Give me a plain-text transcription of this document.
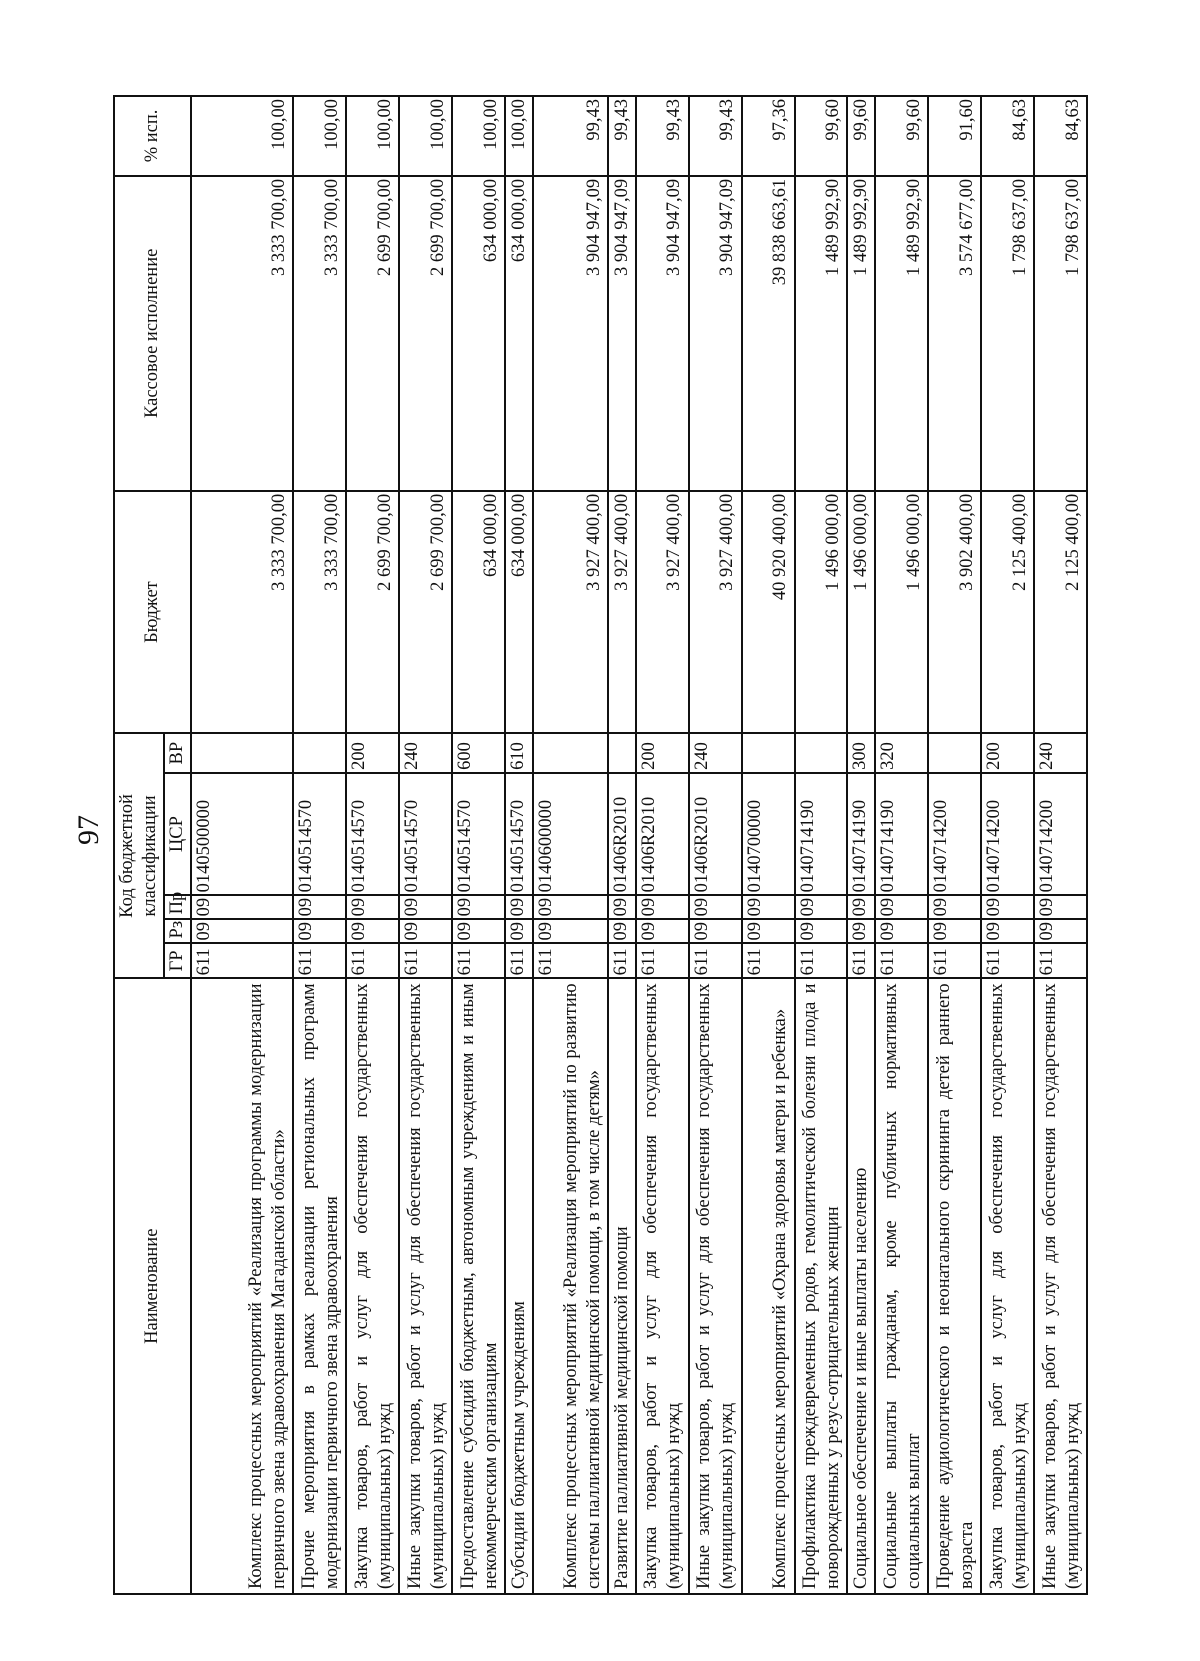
97
Наименование	Код бюджетной классификации					Бюджет	Кассовое исполнение	% исп.
	ГР	Рз	Пр	ЦСР	ВР			
Комплекс процессных мероприятий «Реализация программы модернизации первичного звена здравоохранения Магаданской области»	611	09	09	0140500000		3 333 700,00	3 333 700,00	100,00
Прочие мероприятия в рамках реализации региональных программ модернизации первичного звена здравоохранения	611	09	09	0140514570		3 333 700,00	3 333 700,00	100,00
Закупка товаров, работ и услуг для обеспечения государственных (муниципальных) нужд	611	09	09	0140514570	200	2 699 700,00	2 699 700,00	100,00
Иные закупки товаров, работ и услуг для обеспечения государственных (муниципальных) нужд	611	09	09	0140514570	240	2 699 700,00	2 699 700,00	100,00
Предоставление субсидий бюджетным, автономным учреждениям и иным некоммерческим организациям	611	09	09	0140514570	600	634 000,00	634 000,00	100,00
Субсидии бюджетным учреждениям	611	09	09	0140514570	610	634 000,00	634 000,00	100,00
Комплекс процессных мероприятий «Реализация мероприятий по развитию системы паллиативной медицинской помощи, в том числе детям»	611	09	09	0140600000		3 927 400,00	3 904 947,09	99,43
Развитие паллиативной медицинской помощи	611	09	09	01406R2010		3 927 400,00	3 904 947,09	99,43
Закупка товаров, работ и услуг для обеспечения государственных (муниципальных) нужд	611	09	09	01406R2010	200	3 927 400,00	3 904 947,09	99,43
Иные закупки товаров, работ и услуг для обеспечения государственных (муниципальных) нужд	611	09	09	01406R2010	240	3 927 400,00	3 904 947,09	99,43
Комплекс процессных мероприятий «Охрана здоровья матери и ребенка»	611	09	09	0140700000		40 920 400,00	39 838 663,61	97,36
Профилактика преждевременных родов, гемолитической болезни плода и новорожденных у резус-отрицательных женщин	611	09	09	0140714190		1 496 000,00	1 489 992,90	99,60
Социальное обеспечение и иные выплаты населению	611	09	09	0140714190	300	1 496 000,00	1 489 992,90	99,60
Социальные выплаты гражданам, кроме публичных нормативных социальных выплат	611	09	09	0140714190	320	1 496 000,00	1 489 992,90	99,60
Проведение аудиологического и неонатального скрининга детей раннего возраста	611	09	09	0140714200		3 902 400,00	3 574 677,00	91,60
Закупка товаров, работ и услуг для обеспечения государственных (муниципальных) нужд	611	09	09	0140714200	200	2 125 400,00	1 798 637,00	84,63
Иные закупки товаров, работ и услуг для обеспечения государственных (муниципальных) нужд	611	09	09	0140714200	240	2 125 400,00	1 798 637,00	84,63
